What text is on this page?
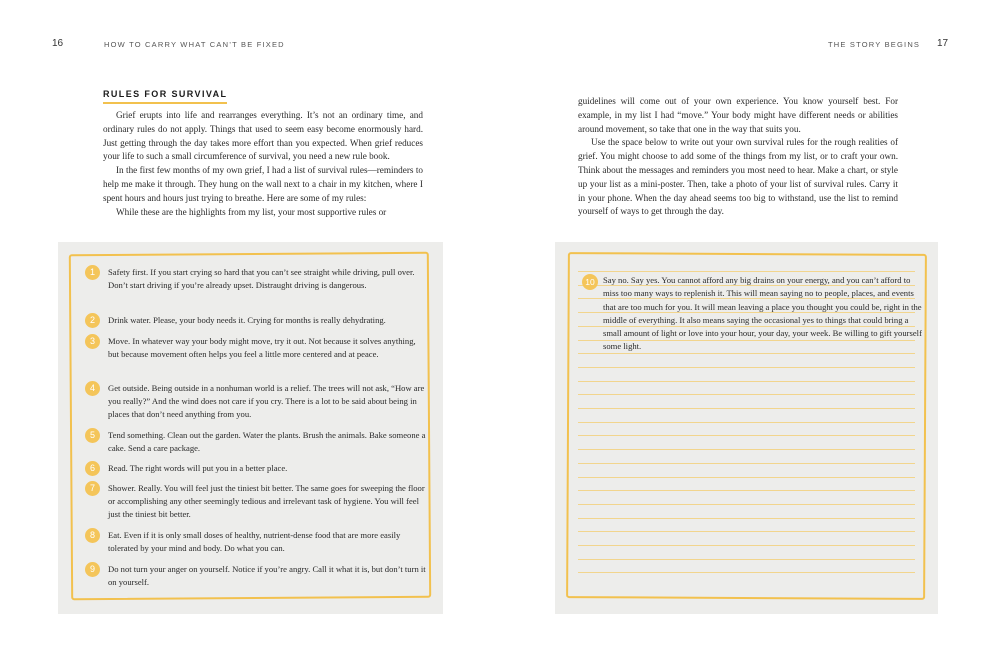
16	HOW TO CARRY WHAT CAN’T BE FIXED
RULES FOR SURVIVAL

Grief erupts into life and rearranges everything. It’s not an ordinary time, and ordinary rules do not apply. Things that used to seem easy become enormously hard. Just getting through the day takes more effort than you expected. When grief reduces your life to such a small circumference of survival, you need a new rule book.

In the first few months of my own grief, I had a list of survival rules—reminders to help me make it through. They hung on the wall next to a chair in my kitchen, where I spent hours and hours just trying to breathe. Here are some of my rules:

While these are the highlights from my list, your most supportive rules or

1	Safety first. If you start crying so hard that you can’t see straight while driving, pull over. Don’t start driving if you’re already upset. Distraught driving is dangerous.
2	Drink water. Please, your body needs it. Crying for months is really dehydrating.
3	Move. In whatever way your body might move, try it out. Not because it solves anything, but because movement often helps you feel a little more centered and at peace.
4	Get outside. Being outside in a nonhuman world is a relief. The trees will not ask, “How are you really?” And the wind does not care if you cry. There is a lot to be said about being in places that don’t need anything from you.
5	Tend something. Clean out the garden. Water the plants. Brush the animals. Bake someone a cake. Send a care package.
6	Read. The right words will put you in a better place.
7	Shower. Really. You will feel just the tiniest bit better. The same goes for sweeping the floor or accomplishing any other seemingly tedious and irrelevant task of hygiene. You will feel just the tiniest bit better.
8	Eat. Even if it is only small doses of healthy, nutrient-dense food that are more easily tolerated by your mind and body. Do what you can.
9	Do not turn your anger on yourself. Notice if you’re angry. Call it what it is, but don’t turn it on yourself.
THE STORY BEGINS 17

guidelines will come out of your own experience. You know yourself best. For example, in my list I had “move.” Your body might have different needs or abilities around movement, so take that one in the way that suits you.

Use the space below to write out your own survival rules for the rough realities of grief. You might choose to add some of the things from my list, or to craft your own. Think about the messages and reminders you most need to hear. Make a chart, or style up your list as a mini-poster. Then, take a photo of your list of survival rules. Carry it in your phone. When the day ahead seems too big to withstand, use the list to remind yourself of ways to get through the day.

10 Say no. Say yes. You cannot afford any big drains on your energy, and you can’t afford to miss too many ways to replenish it. This will mean saying no to people, places, and events that are too much for you. It will mean leaving a place you thought you could be, right in the middle of everything. It also means saying the occasional yes to things that could bring a small amount of light or love into your hour, your day, your week. Be willing to gift yourself some light.
